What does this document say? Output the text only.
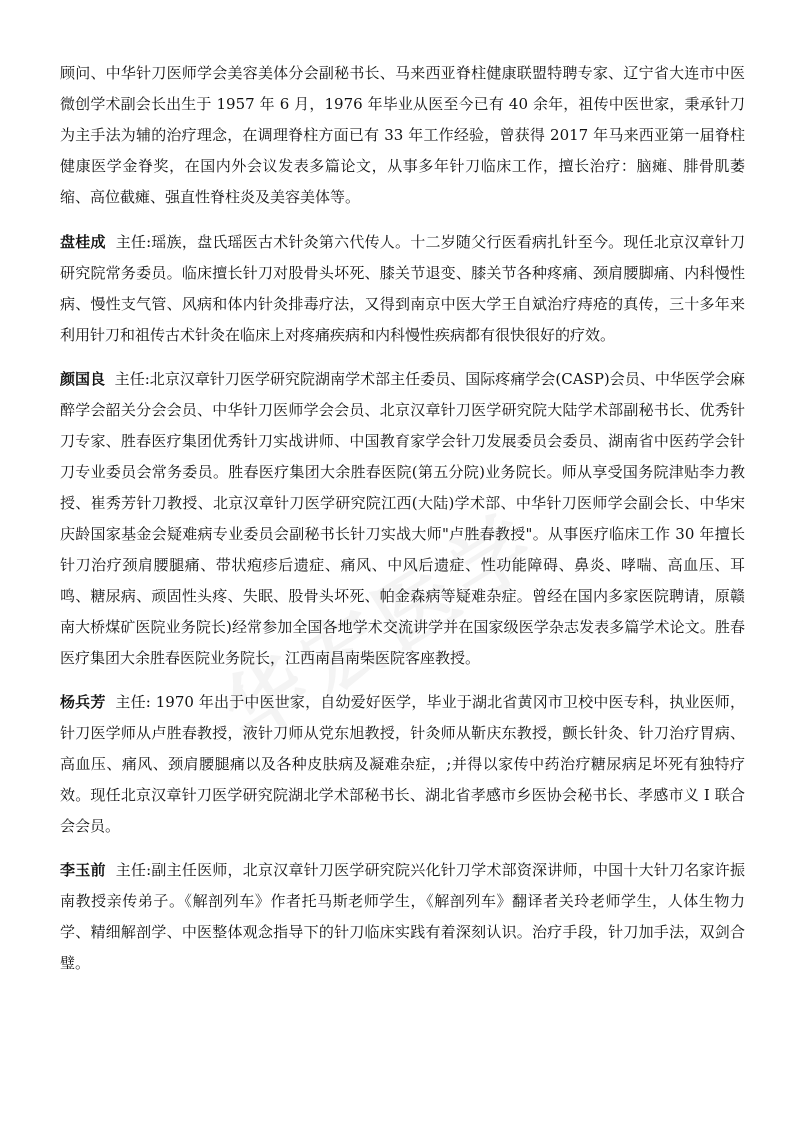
顾问、中华针刀医师学会美容美体分会副秘书长、马来西亚脊柱健康联盟特聘专家、辽宁省大连市中医微创学术副会长出生于 1957 年 6 月，1976 年毕业从医至今已有 40 余年，祖传中医世家，秉承针刀为主手法为辅的治疗理念，在调理脊柱方面已有 33 年工作经验，曾获得 2017 年马来西亚第一届脊柱健康医学金脊奖，在国内外会议发表多篇论文，从事多年针刀临床工作，擅长治疗：脑瘫、腓骨肌萎缩、高位截瘫、强直性脊柱炎及美容美体等。

盘桂成 主任:瑶族，盘氏瑶医古术针灸第六代传人。十二岁随父行医看病扎针至今。现任北京汉章针刀研究院常务委员。临床擅长针刀对股骨头坏死、膝关节退变、膝关节各种疼痛、颈肩腰脚痛、内科慢性病、慢性支气管、风病和体内针灸排毒疗法，又得到南京中医大学王自斌治疗痔疮的真传，三十多年来利用针刀和祖传古术针灸在临床上对疼痛疾病和内科慢性疾病都有很快很好的疗效。

颜国良 主任:北京汉章针刀医学研究院湖南学术部主任委员、国际疼痛学会(CASP)会员、中华医学会麻醉学会韶关分会会员、中华针刀医师学会会员、北京汉章针刀医学研究院大陆学术部副秘书长、优秀针刀专家、胜春医疗集团优秀针刀实战讲师、中国教育家学会针刀发展委员会委员、湖南省中医药学会针刀专业委员会常务委员。胜春医疗集团大余胜春医院(第五分院)业务院长。师从享受国务院津贴李力教授、崔秀芳针刀教授、北京汉章针刀医学研究院江西(大陆)学术部、中华针刀医师学会副会长、中华宋庆龄国家基金会疑难病专业委员会副秘书长针刀实战大师"卢胜春教授"。从事医疗临床工作 30 年擅长针刀治疗颈肩腰腿痛、带状疱疹后遗症、痛风、中风后遗症、性功能障碍、鼻炎、哮喘、高血压、耳鸣、糖尿病、顽固性头疼、失眠、股骨头坏死、帕金森病等疑难杂症。曾经在国内多家医院聘请，原赣南大桥煤矿医院业务院长)经常参加全国各地学术交流讲学并在国家级医学杂志发表多篇学术论文。胜春医疗集团大余胜春医院业务院长，江西南昌南柴医院客座教授。

杨兵芳 主任: 1970 年出于中医世家，自幼爱好医学，毕业于湖北省黄冈市卫校中医专科，执业医师，针刀医学师从卢胜春教授，液针刀师从党东旭教授，针灸师从靳庆东教授，颤长针灸、针刀治疗胃病、高血压、痛风、颈肩腰腿痛以及各种皮肤病及凝难杂症，;并得以家传中药治疗糖尿病足坏死有独特疗效。现任北京汉章针刀医学研究院湖北学术部秘书长、湖北省孝感市乡医协会秘书长、孝感市义 I 联合会会员。

李玉前 主任:副主任医师，北京汉章针刀医学研究院兴化针刀学术部资深讲师，中国十大针刀名家许振南教授亲传弟子。《解剖列车》作者托马斯老师学生，《解剖列车》翻译者关玲老师学生，人体生物力学、精细解剖学、中医整体观念指导下的针刀临床实践有着深刻认识。治疗手段，针刀加手法，双剑合璧。
